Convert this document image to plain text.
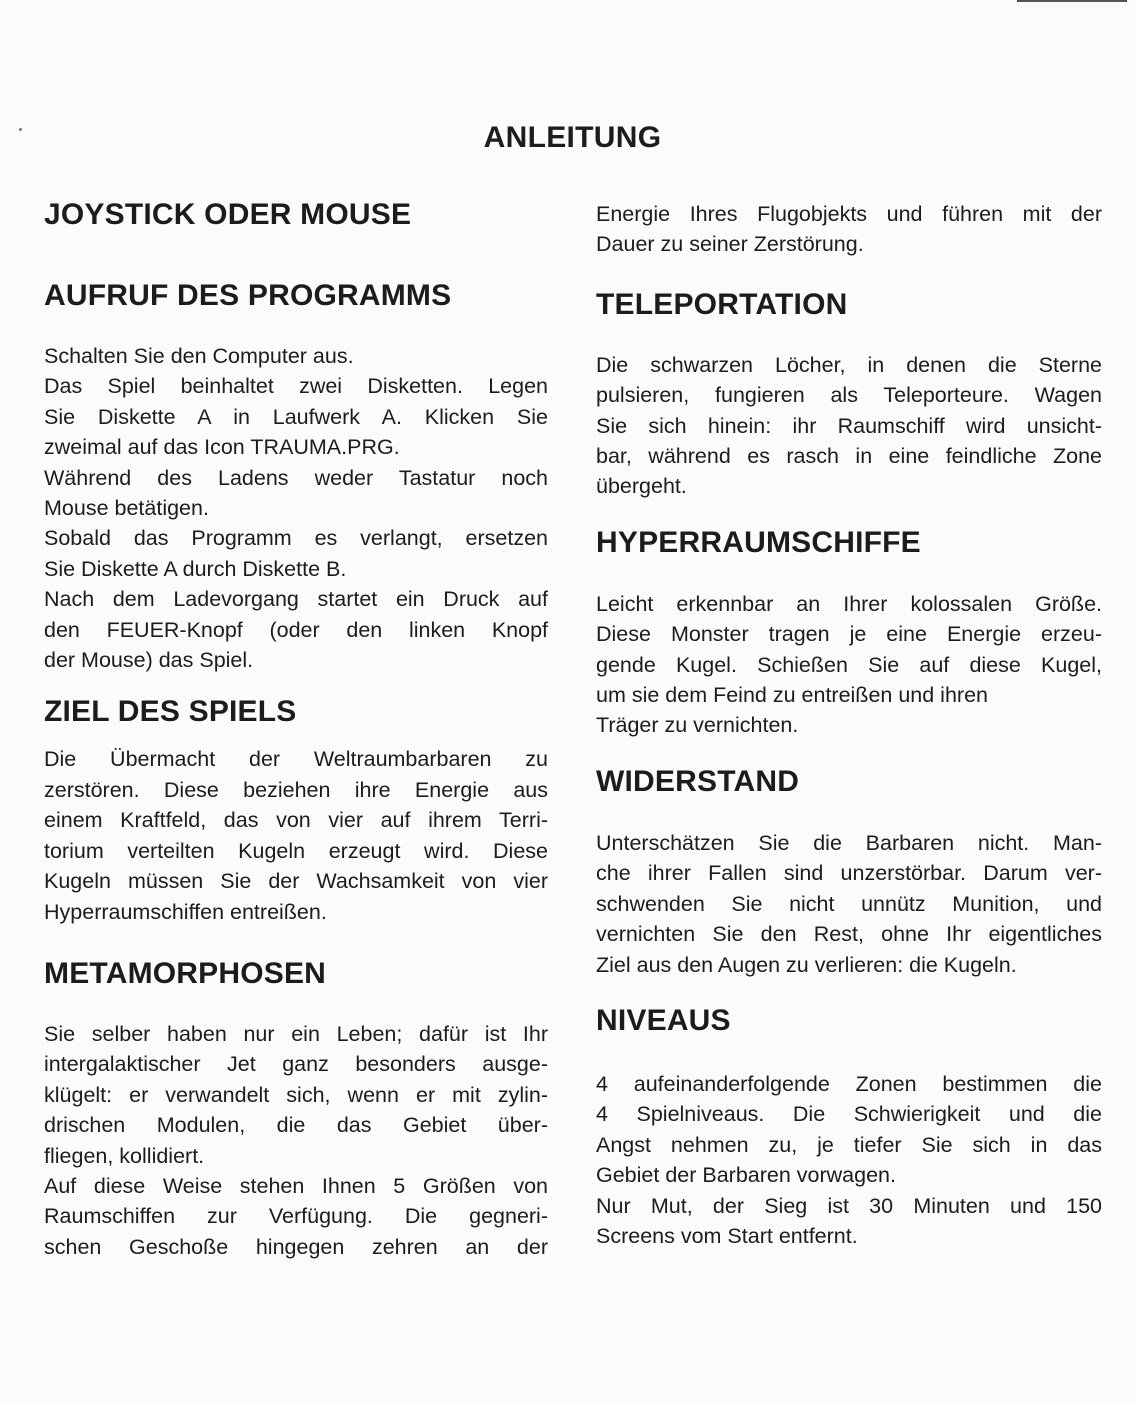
ANLEITUNG
JOYSTICK ODER MOUSE
AUFRUF DES PROGRAMMS
Schalten Sie den Computer aus.
Das Spiel beinhaltet zwei Disketten. Legen
Sie Diskette A in Laufwerk A. Klicken Sie
zweimal auf das Icon TRAUMA.PRG.
Während des Ladens weder Tastatur noch
Mouse betätigen.
Sobald das Programm es verlangt, ersetzen
Sie Diskette A durch Diskette B.
Nach dem Ladevorgang startet ein Druck auf
den FEUER-Knopf (oder den linken Knopf
der Mouse) das Spiel.
ZIEL DES SPIELS
Die Übermacht der Weltraumbarbaren zu
zerstören. Diese beziehen ihre Energie aus
einem Kraftfeld, das von vier auf ihrem Terri-
torium verteilten Kugeln erzeugt wird. Diese
Kugeln müssen Sie der Wachsamkeit von vier
Hyperraumschiffen entreißen.
METAMORPHOSEN
Sie selber haben nur ein Leben; dafür ist Ihr
intergalaktischer Jet ganz besonders ausge-
klügelt: er verwandelt sich, wenn er mit zylin-
drischen Modulen, die das Gebiet über-
fliegen, kollidiert.
Auf diese Weise stehen Ihnen 5 Größen von
Raumschiffen zur Verfügung. Die gegneri-
schen Geschoße hingegen zehren an der
Energie Ihres Flugobjekts und führen mit der
Dauer zu seiner Zerstörung.
TELEPORTATION
Die schwarzen Löcher, in denen die Sterne
pulsieren, fungieren als Teleporteure. Wagen
Sie sich hinein: ihr Raumschiff wird unsicht-
bar, während es rasch in eine feindliche Zone
übergeht.
HYPERRAUMSCHIFFE
Leicht erkennbar an Ihrer kolossalen Größe.
Diese Monster tragen je eine Energie erzeu-
gende Kugel. Schießen Sie auf diese Kugel,
um sie dem Feind zu entreißen und ihren
Träger zu vernichten.
WIDERSTAND
Unterschätzen Sie die Barbaren nicht. Man-
che ihrer Fallen sind unzerstörbar. Darum ver-
schwenden Sie nicht unnütz Munition, und
vernichten Sie den Rest, ohne Ihr eigentliches
Ziel aus den Augen zu verlieren: die Kugeln.
NIVEAUS
4 aufeinanderfolgende Zonen bestimmen die
4 Spielniveaus. Die Schwierigkeit und die
Angst nehmen zu, je tiefer Sie sich in das
Gebiet der Barbaren vorwagen.
Nur Mut, der Sieg ist 30 Minuten und 150
Screens vom Start entfernt.
